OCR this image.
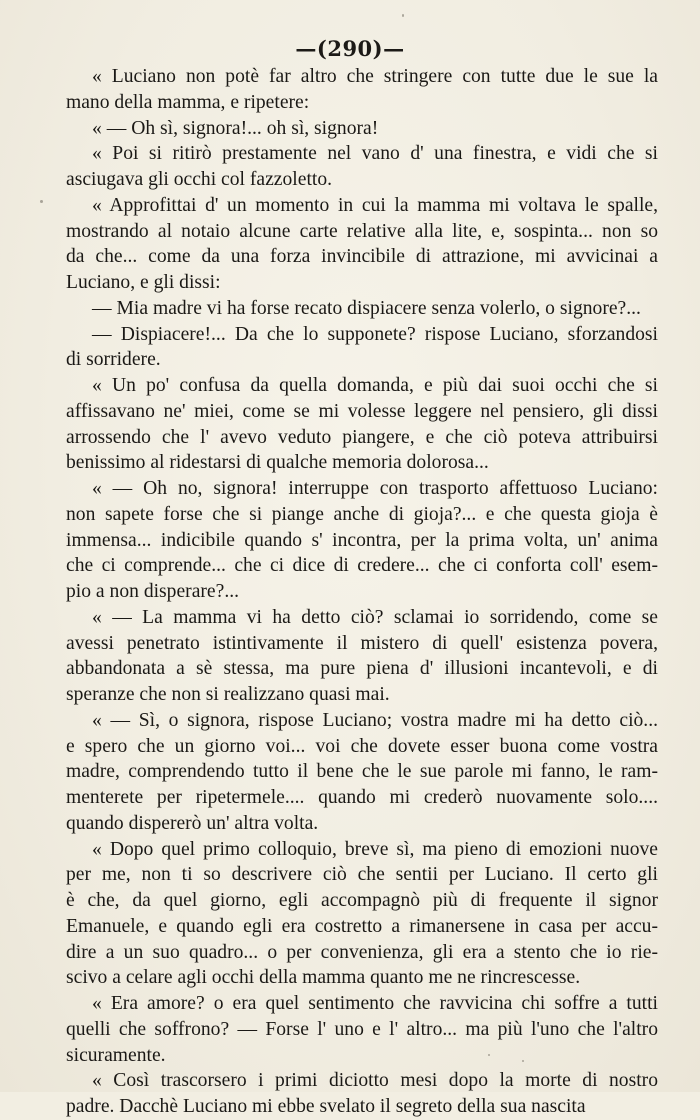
—(290)—
« Luciano non potè far altro che stringere con tutte due le sue la
mano della mamma, e ripetere:
« — Oh sì, signora!... oh sì, signora!
« Poi si ritirò prestamente nel vano d' una finestra, e vidi che si
asciugava gli occhi col fazzoletto.
« Approfittai d' un momento in cui la mamma mi voltava le spalle,
mostrando al notaio alcune carte relative alla lite, e, sospinta... non so
da che... come da una forza invincibile di attrazione, mi avvicinai a
Luciano, e gli dissi:
— Mia madre vi ha forse recato dispiacere senza volerlo, o signore?...
— Dispiacere!... Da che lo supponete? rispose Luciano, sforzandosi
di sorridere.
« Un po' confusa da quella domanda, e più dai suoi occhi che si
affissavano ne' miei, come se mi volesse leggere nel pensiero, gli dissi
arrossendo che l' avevo veduto piangere, e che ciò poteva attribuirsi
benissimo al ridestarsi di qualche memoria dolorosa...
« — Oh no, signora! interruppe con trasporto affettuoso Luciano:
non sapete forse che si piange anche di gioja?... e che questa gioja è
immensa... indicibile quando s' incontra, per la prima volta, un' anima
che ci comprende... che ci dice di credere... che ci conforta coll' esem-
pio a non disperare?...
« — La mamma vi ha detto ciò? sclamai io sorridendo, come se
avessi penetrato istintivamente il mistero di quell' esistenza povera,
abbandonata a sè stessa, ma pure piena d' illusioni incantevoli, e di
speranze che non si realizzano quasi mai.
« — Sì, o signora, rispose Luciano; vostra madre mi ha detto ciò...
e spero che un giorno voi... voi che dovete esser buona come vostra
madre, comprendendo tutto il bene che le sue parole mi fanno, le ram-
menterete per ripetermele.... quando mi crederò nuovamente solo....
quando dispererò un' altra volta.
« Dopo quel primo colloquio, breve sì, ma pieno di emozioni nuove
per me, non ti so descrivere ciò che sentii per Luciano. Il certo gli
è che, da quel giorno, egli accompagnò più di frequente il signor
Emanuele, e quando egli era costretto a rimanersene in casa per accu-
dire a un suo quadro... o per convenienza, gli era a stento che io rie-
scivo a celare agli occhi della mamma quanto me ne rincrescesse.
« Era amore? o era quel sentimento che ravvicina chi soffre a tutti
quelli che soffrono? — Forse l' uno e l' altro... ma più l'uno che l'altro
sicuramente.
« Così trascorsero i primi diciotto mesi dopo la morte di nostro
padre. Dacchè Luciano mi ebbe svelato il segreto della sua nascita
